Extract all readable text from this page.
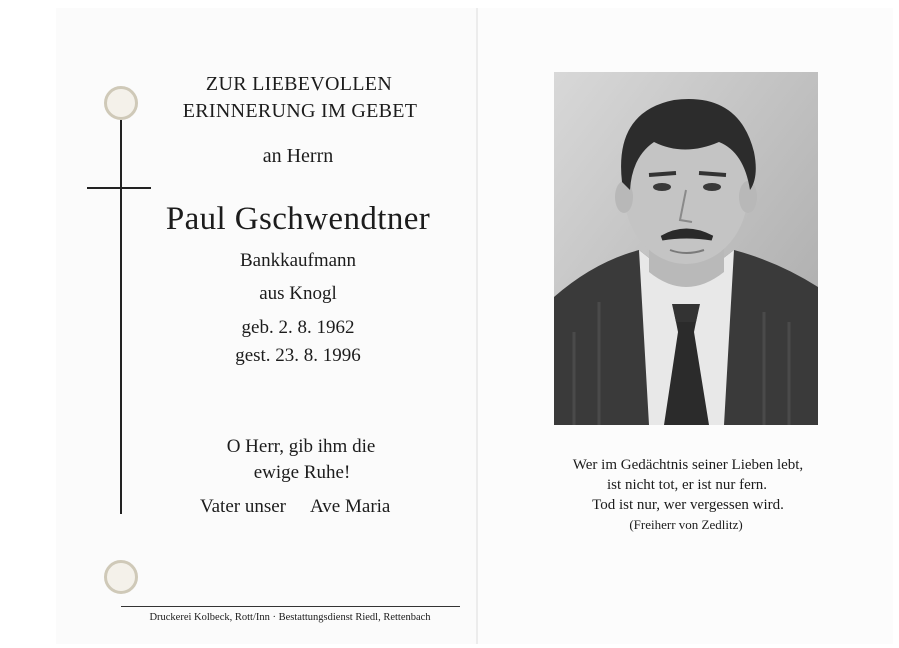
ZUR LIEBEVOLLEN
ERINNERUNG IM GEBET
an Herrn
Paul Gschwendtner
Bankkaufmann
aus Knogl
geb. 2. 8. 1962
gest. 23. 8. 1996
O Herr, gib ihm die
ewige Ruhe!
Vater unser Ave Maria
Druckerei Kolbeck, Rott/Inn · Bestattungsdienst Riedl, Rettenbach
Wer im Gedächtnis seiner Lieben lebt,
ist nicht tot, er ist nur fern.
Tod ist nur, wer vergessen wird.
(Freiherr von Zedlitz)
